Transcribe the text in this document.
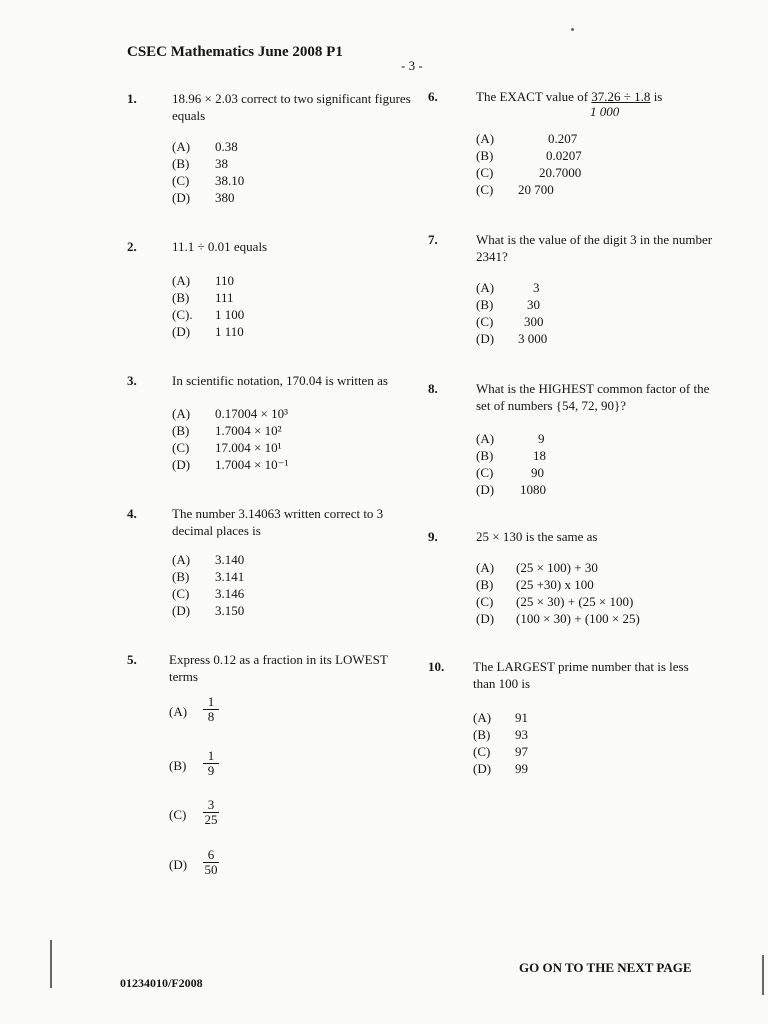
CSEC Mathematics June 2008 P1
- 3 -
1.	18.96 × 2.03 correct to two significant figures equals
(A) 0.38
(B) 38
(C) 38.10
(D) 380
2.	11.1 ÷ 0.01 equals
(A) 110
(B) 111
(C). 1 100
(D) 1 110
3.	In scientific notation, 170.04 is written as
(A) 0.17004 × 10³
(B) 1.7004 × 10²
(C) 17.004 × 10¹
(D) 1.7004 × 10⁻¹
4.	The number 3.14063 written correct to 3 decimal places is
(A) 3.140
(B) 3.141
(C) 3.146
(D) 3.150
5. Express 0.12 as a fraction in its LOWEST terms
$(A) \frac{1}{8}$
$(B) \frac{1}{9}$
$(C) \frac{3}{25}$
$(D) \frac{6}{50}$
6.	The EXACT value of 37.26 ÷ 1.8 is
1 000
(A)	0.207
(B)	0.0207
(C)	20.7000
(C) 20 700
7.	What is the value of the digit 3 in the number 2341?
(A)	3
(B)	30
(C) 300
(D) 3 000
8.	What is the HIGHEST common factor of the set of numbers {54, 72, 90}?
(A)	9
(B)	18
(C)	90
(D) 1080
9.	25 × 130 is the same as
(A) (25 × 100) + 30
(B) (25 +30) x 100
(C) (25 × 30) + (25 × 100)
(D) (100 × 30) + (100 × 25)
10. The LARGEST prime number that is less than 100 is
(A) 91
(B) 93
(C) 97
(D) 99
01234010/F2008
GO ON TO THE NEXT PAGE
